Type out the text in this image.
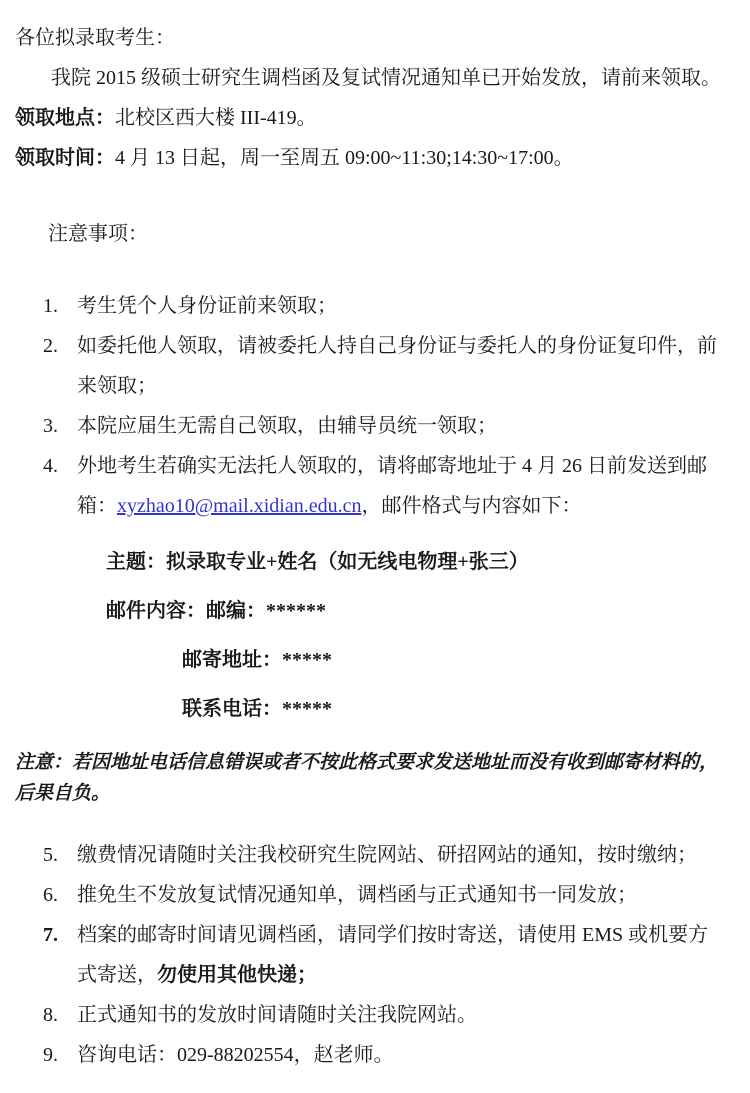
各位拟录取考生：

我院 2015 级硕士研究生调档函及复试情况通知单已开始发放，请前来领取。

领取地点：北校区西大楼 III-419。

领取时间：4 月 13 日起，周一至周五 09:00~11:30;14:30~17:00。

注意事项：

1. 考生凭个人身份证前来领取；
2. 如委托他人领取，请被委托人持自己身份证与委托人的身份证复印件，前来领取；
3. 本院应届生无需自己领取，由辅导员统一领取；
4. 外地考生若确实无法托人领取的，请将邮寄地址于 4 月 26 日前发送到邮箱：xyzhao10@mail.xidian.edu.cn，邮件格式与内容如下：

主题：拟录取专业+姓名（如无线电物理+张三）

邮件内容：邮编：******

邮寄地址：*****

联系电话：*****

注意：若因地址电话信息错误或者不按此格式要求发送地址而没有收到邮寄材料的，后果自负。

5. 缴费情况请随时关注我校研究生院网站、研招网站的通知，按时缴纳；
6. 推免生不发放复试情况通知单，调档函与正式通知书一同发放；
7. 档案的邮寄时间请见调档函，请同学们按时寄送，请使用 EMS 或机要方式寄送，勿使用其他快递；
8. 正式通知书的发放时间请随时关注我院网站。
9. 咨询电话：029-88202554，赵老师。
